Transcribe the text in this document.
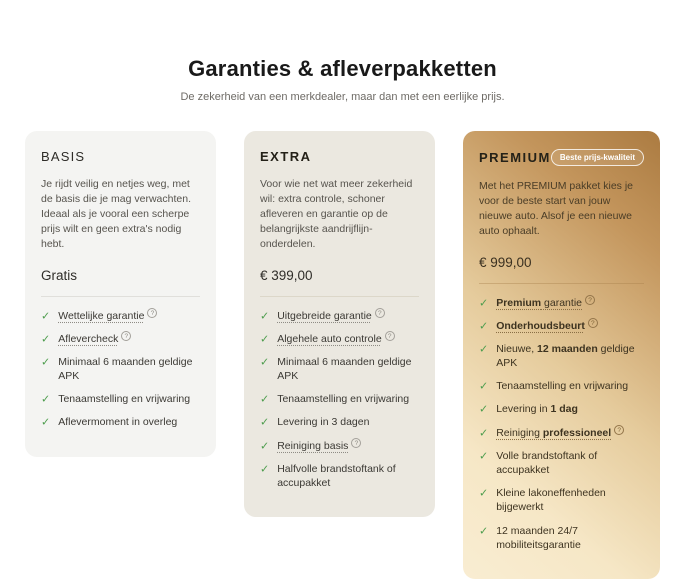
Garanties & afleverpakketten

De zekerheid van een merkdealer, maar dan met een eerlijke prijs.

BASIS

Je rijdt veilig en netjes weg, met de basis die je mag verwachten. Ideaal als je vooral een scherpe prijs wilt en geen extra's nodig hebt.

Gratis

✓ Wettelijke garantie ?
✓ Aflevercheck ?
✓ Minimaal 6 maanden geldige APK
✓ Tenaamstelling en vrijwaring
✓ Aflevermoment in overleg
EXTRA

Voor wie net wat meer zekerheid wil: extra controle, schoner afleveren en garantie op de belangrijkste aandrijflijn-onderdelen.

€ 399,00

✓ Uitgebreide garantie ?
✓ Algehele auto controle ?
✓ Minimaal 6 maanden geldige APK
✓ Tenaamstelling en vrijwaring
✓ Levering in 3 dagen
✓ Reiniging basis ?
✓ Halfvolle brandstoftank of accupakket
PREMIUM	Beste prijs-kwaliteit

Met het PREMIUM pakket kies je voor de beste start van jouw nieuwe auto. Alsof je een nieuwe auto ophaalt.

€ 999,00

✓ Premium garantie ?
✓ Onderhoudsbeurt ?
✓ Nieuwe, 12 maanden geldige APK
✓ Tenaamstelling en vrijwaring
✓ Levering in 1 dag
✓ Reiniging professioneel ?
✓ Volle brandstoftank of accupakket
✓ Kleine lakoneffenheden bijgewerkt
✓ 12 maanden 24/7 mobiliteitsgarantie
